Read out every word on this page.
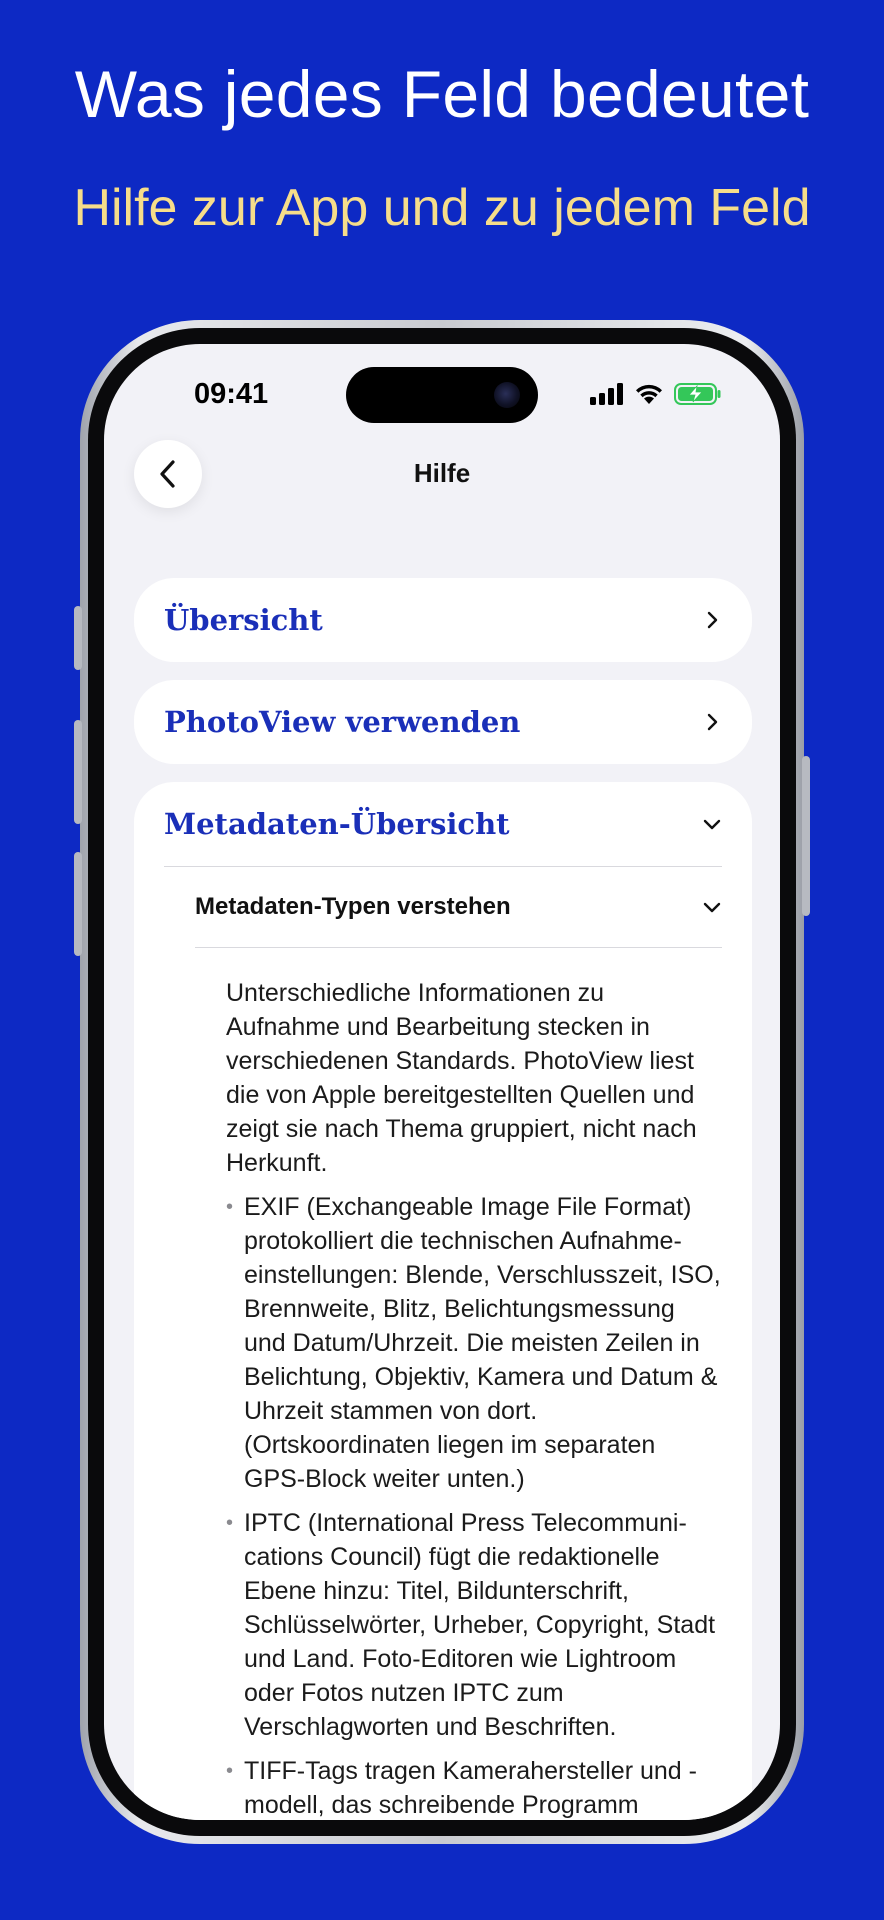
Was jedes Feld bedeutet
Hilfe zur App und zu jedem Feld
09:41
Hilfe
Übersicht
PhotoView verwenden
Metadaten-Übersicht
Metadaten-Typen verstehen

Unterschiedliche Informationen zu Aufnahme und Bearbeitung stecken in verschiedenen Standards. PhotoView liest die von Apple bereitgestellten Quellen und zeigt sie nach Thema gruppiert, nicht nach Herkunft.

• EXIF (Exchangeable Image File Format) protokolliert die technischen Aufnahmeeinstellungen: Blende, Verschlusszeit, ISO, Brennweite, Blitz, Belichtungsmessung und Datum/Uhrzeit. Die meisten Zeilen in Belichtung, Objektiv, Kamera und Datum & Uhrzeit stammen von dort. (Ortskoordinaten liegen im separaten GPS-Block weiter unten.)
• IPTC (International Press Telecommunications Council) fügt die redaktionelle Ebene hinzu: Titel, Bildunterschrift, Schlüsselwörter, Urheber, Copyright, Stadt und Land. Foto-Editoren wie Lightroom oder Fotos nutzen IPTC zum Verschlagworten und Beschriften.
• TIFF-Tags tragen Kamerahersteller und -modell, das schreibende Programm
